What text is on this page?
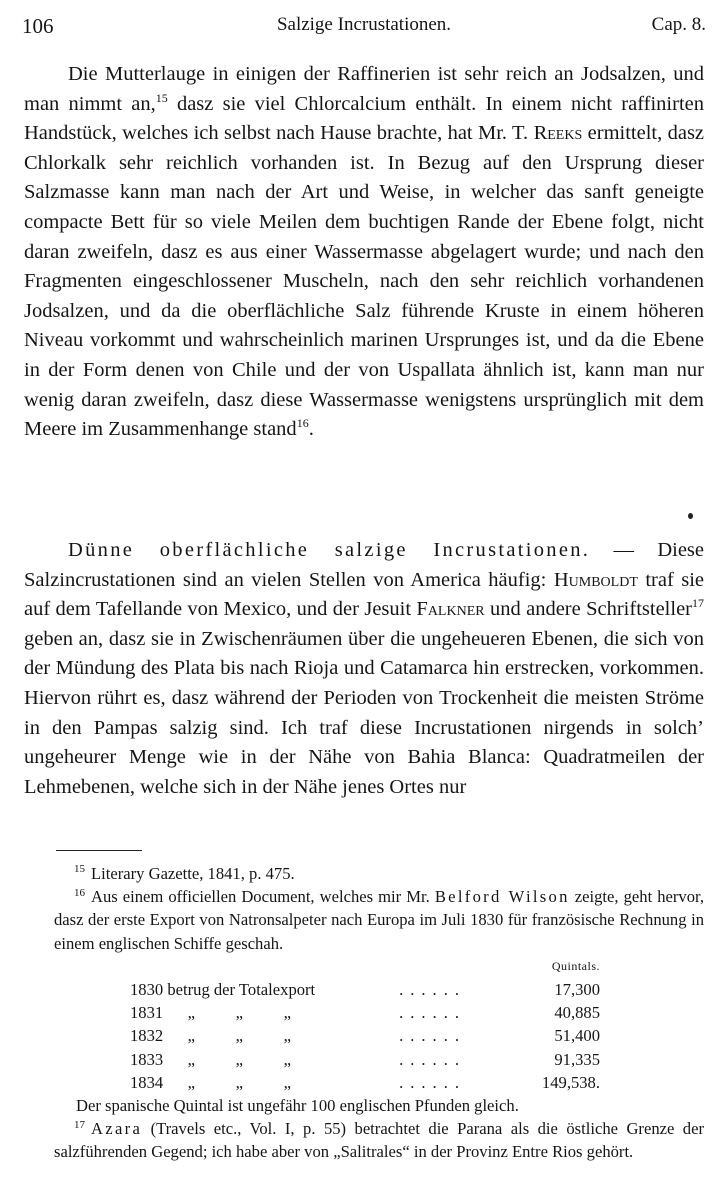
106	Salzige Incrustationen.	Cap. 8.

Die Mutterlauge in einigen der Raffinerien ist sehr reich an Jodsalzen, und man nimmt an,$^{15}$ dasz sie viel Chlorcalcium enthält. In einem nicht raffinirten Handstück, welches ich selbst nach Hause brachte, hat Mr. T. Reeks ermittelt, dasz Chlorkalk sehr reichlich vorhanden ist. In Bezug auf den Ursprung dieser Salzmasse kann man nach der Art und Weise, in welcher das sanft geneigte compacte Bett für so viele Meilen dem buchtigen Rande der Ebene folgt, nicht daran zweifeln, dasz es aus einer Wassermasse abgelagert wurde; und nach den Fragmenten eingeschlossener Muscheln, nach den sehr reichlich vorhandenen Jodsalzen, und da die oberflächliche Salz führende Kruste in einem höheren Niveau vorkommt und wahrscheinlich marinen Ursprunges ist, und da die Ebene in der Form denen von Chile und der von Uspallata ähnlich ist, kann man nur wenig daran zweifeln, dasz diese Wassermasse wenigstens ursprünglich mit dem Meere im Zusammenhange stand$^{16}$.

Dünne oberflächliche salzige Incrustationen. — Diese Salzincrustationen sind an vielen Stellen von America häufig: Humboldt traf sie auf dem Tafellande von Mexico, und der Jesuit Falkner und andere Schriftsteller$^{17}$ geben an, dasz sie in Zwischenräumen über die ungeheueren Ebenen, die sich von der Mündung des Plata bis nach Rioja und Catamarca hin erstrecken, vorkommen. Hiervon rührt es, dasz während der Perioden von Trockenheit die meisten Ströme in den Pampas salzig sind. Ich traf diese Incrustationen nirgends in solch’ ungeheurer Menge wie in der Nähe von Bahia Blanca: Quadratmeilen der Lehmebenen, welche sich in der Nähe jenes Ortes nur

$^{15}$ Literary Gazette, 1841, p. 475.

$^{16}$ Aus einem officiellen Document, welches mir Mr. Belford Wilson zeigte, geht hervor, dasz der erste Export von Natronsalpeter nach Europa im Juli 1830 für französische Rechnung in einem englischen Schiffe geschah.

Quintals.		
1830 betrug der Totalexport	......	17,300
1831 „ „ „	......	40,885
1832 „ „ „	......	51,400
1833 „ „ „	......	91,335
1834 „ „ „	......	149,538.

Der spanische Quintal ist ungefähr 100 englischen Pfunden gleich.

$^{17}$ Azara (Travels etc., Vol. I, p. 55) betrachtet die Parana als die östliche Grenze der salzführenden Gegend; ich habe aber von „Salitrales“ in der Provinz Entre Rios gehört.
